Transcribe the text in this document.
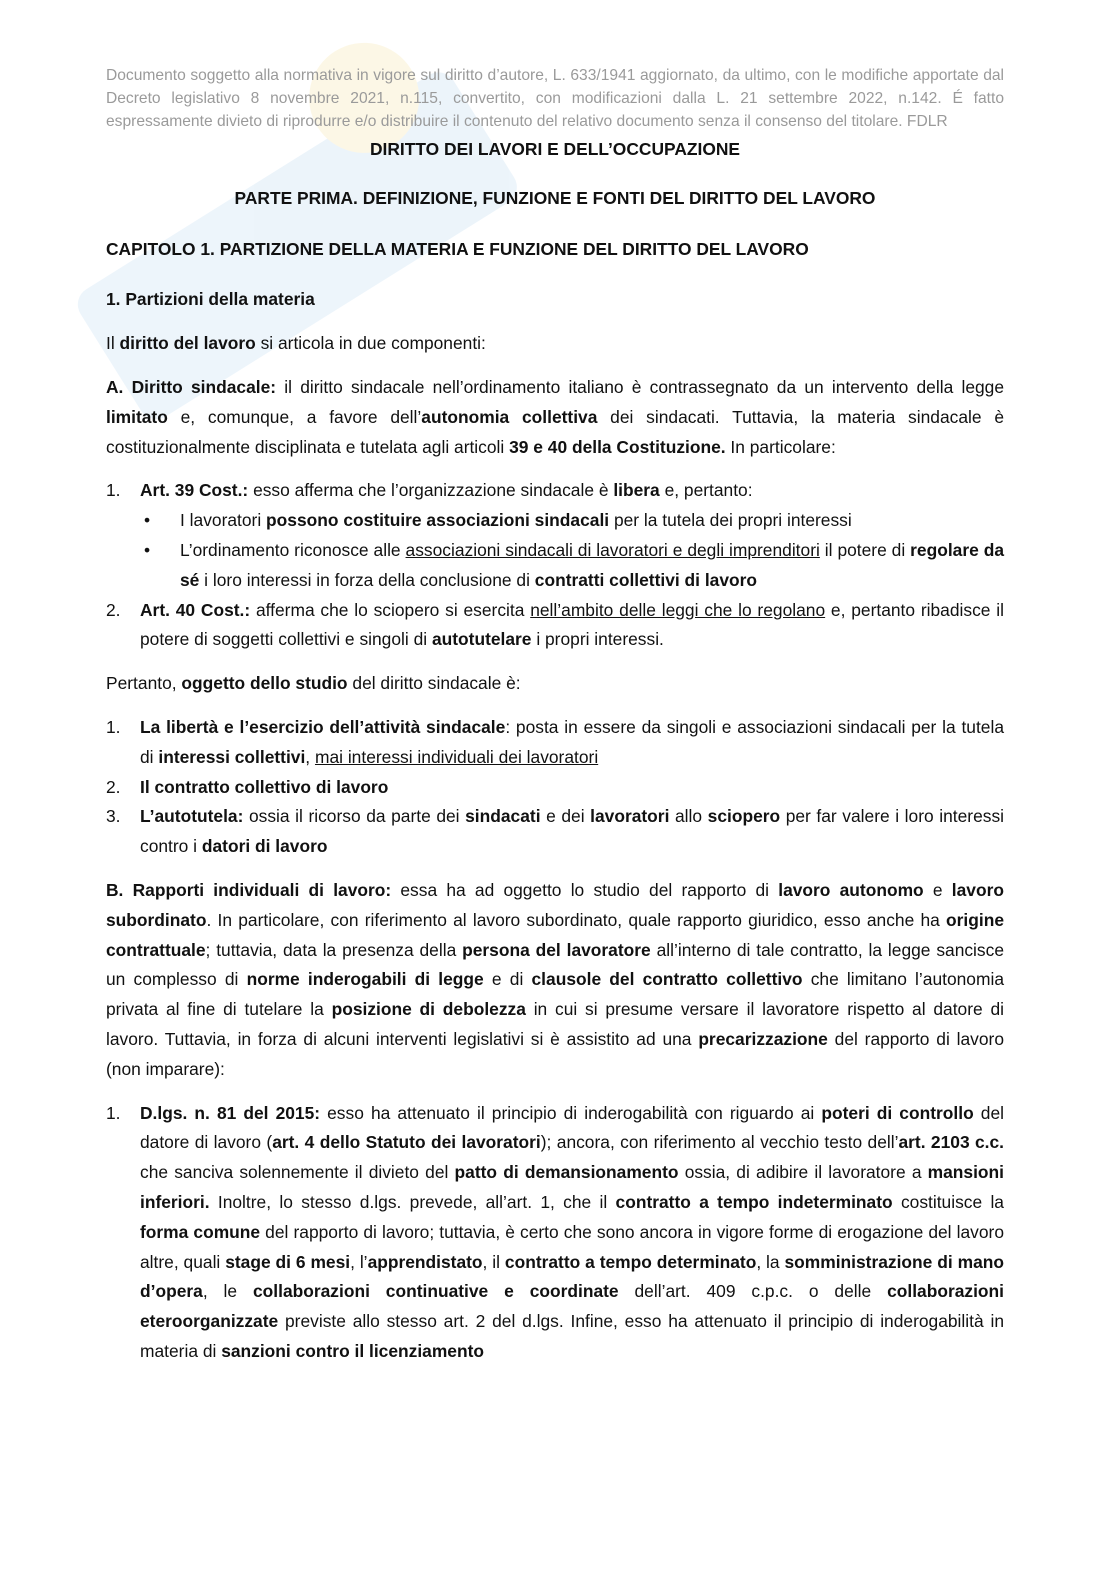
Documento soggetto alla normativa in vigore sul diritto d’autore, L. 633/1941 aggiornato, da ultimo, con le modifiche apportate dal Decreto legislativo 8 novembre 2021, n.115, convertito, con modificazioni dalla L. 21 settembre 2022, n.142. É fatto espressamente divieto di riprodurre e/o distribuire il contenuto del relativo documento senza il consenso del titolare. FDLR

DIRITTO DEI LAVORI E DELL’OCCUPAZIONE

PARTE PRIMA. DEFINIZIONE, FUNZIONE E FONTI DEL DIRITTO DEL LAVORO

CAPITOLO 1. PARTIZIONE DELLA MATERIA E FUNZIONE DEL DIRITTO DEL LAVORO

1. Partizioni della materia

Il diritto del lavoro si articola in due componenti:

A. Diritto sindacale: il diritto sindacale nell’ordinamento italiano è contrassegnato da un intervento della legge limitato e, comunque, a favore dell’autonomia collettiva dei sindacati. Tuttavia, la materia sindacale è costituzionalmente disciplinata e tutelata agli articoli 39 e 40 della Costituzione. In particolare:

1. Art. 39 Cost.: esso afferma che l’organizzazione sindacale è libera e, pertanto:
• I lavoratori possono costituire associazioni sindacali per la tutela dei propri interessi
• L’ordinamento riconosce alle associazioni sindacali di lavoratori e degli imprenditori il potere di regolare da sé i loro interessi in forza della conclusione di contratti collettivi di lavoro
2. Art. 40 Cost.: afferma che lo sciopero si esercita nell’ambito delle leggi che lo regolano e, pertanto ribadisce il potere di soggetti collettivi e singoli di autotutelare i propri interessi.

Pertanto, oggetto dello studio del diritto sindacale è:

1. La libertà e l’esercizio dell’attività sindacale: posta in essere da singoli e associazioni sindacali per la tutela di interessi collettivi, mai interessi individuali dei lavoratori
2. Il contratto collettivo di lavoro
3. L’autotutela: ossia il ricorso da parte dei sindacati e dei lavoratori allo sciopero per far valere i loro interessi contro i datori di lavoro

B. Rapporti individuali di lavoro: essa ha ad oggetto lo studio del rapporto di lavoro autonomo e lavoro subordinato. In particolare, con riferimento al lavoro subordinato, quale rapporto giuridico, esso anche ha origine contrattuale; tuttavia, data la presenza della persona del lavoratore all’interno di tale contratto, la legge sancisce un complesso di norme inderogabili di legge e di clausole del contratto collettivo che limitano l’autonomia privata al fine di tutelare la posizione di debolezza in cui si presume versare il lavoratore rispetto al datore di lavoro. Tuttavia, in forza di alcuni interventi legislativi si è assistito ad una precarizzazione del rapporto di lavoro (non imparare):

1. D.lgs. n. 81 del 2015: esso ha attenuato il principio di inderogabilità con riguardo ai poteri di controllo del datore di lavoro (art. 4 dello Statuto dei lavoratori); ancora, con riferimento al vecchio testo dell’art. 2103 c.c. che sanciva solennemente il divieto del patto di demansionamento ossia, di adibire il lavoratore a mansioni inferiori. Inoltre, lo stesso d.lgs. prevede, all’art. 1, che il contratto a tempo indeterminato costituisce la forma comune del rapporto di lavoro; tuttavia, è certo che sono ancora in vigore forme di erogazione del lavoro altre, quali stage di 6 mesi, l’apprendistato, il contratto a tempo determinato, la somministrazione di mano d’opera, le collaborazioni continuative e coordinate dell’art. 409 c.p.c. o delle collaborazioni eteroorganizzate previste allo stesso art. 2 del d.lgs. Infine, esso ha attenuato il principio di inderogabilità in materia di sanzioni contro il licenziamento
